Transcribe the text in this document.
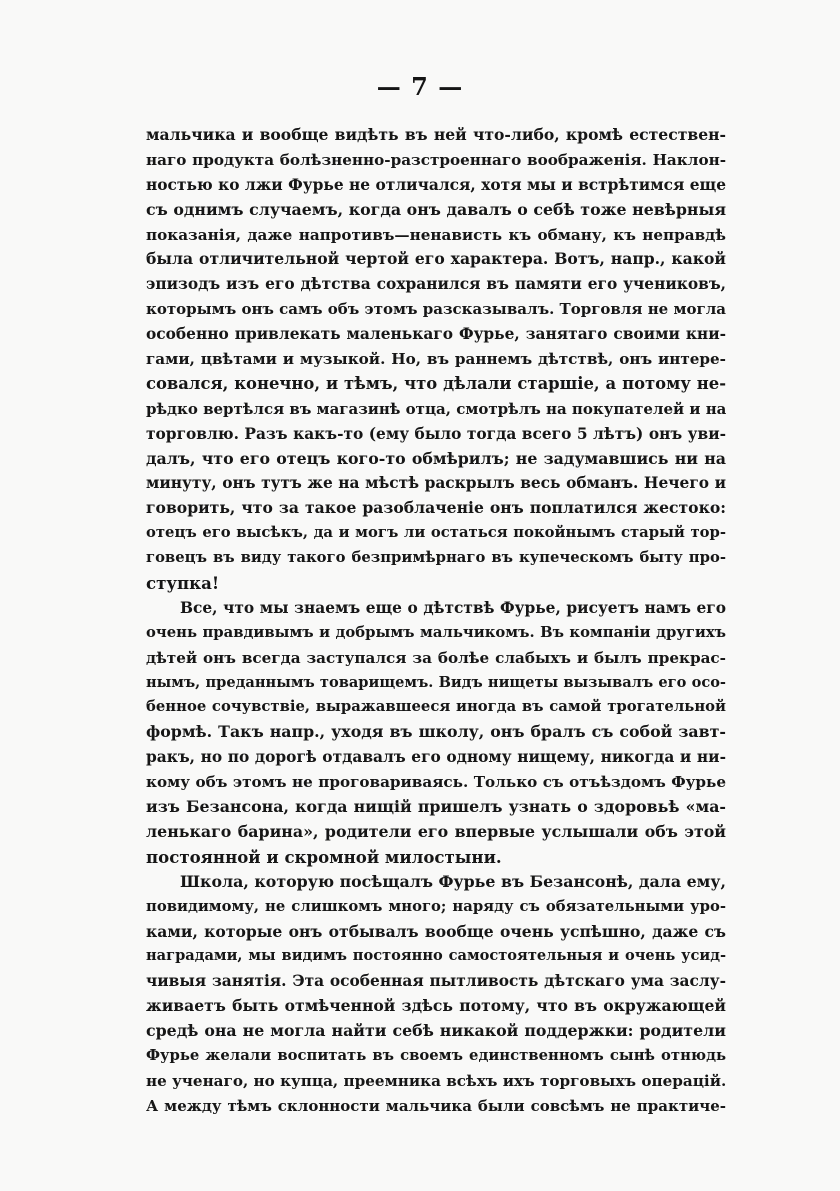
— 7 —
мальчика и вообще видѣть въ ней что-либо, кромѣ естествен-
наго продукта болѣзненно-разстроеннаго воображенія. Наклон-
ностью ко лжи Фурье не отличался, хотя мы и встрѣтимся еще
съ однимъ случаемъ, когда онъ давалъ о себѣ тоже невѣрныя
показанія, даже напротивъ—ненависть къ обману, къ неправдѣ
была отличительной чертой его характера. Вотъ, напр., какой
эпизодъ изъ его дѣтства сохранился въ памяти его учениковъ,
которымъ онъ самъ объ этомъ разсказывалъ. Торговля не могла
особенно привлекать маленькаго Фурье, занятаго своими кни-
гами, цвѣтами и музыкой. Но, въ раннемъ дѣтствѣ, онъ интере-
совался, конечно, и тѣмъ, что дѣлали старшіе, а потому не-
рѣдко вертѣлся въ магазинѣ отца, смотрѣлъ на покупателей и на
торговлю. Разъ какъ-то (ему было тогда всего 5 лѣтъ) онъ уви-
далъ, что его отецъ кого-то обмѣрилъ; не задумавшись ни на
минуту, онъ тутъ же на мѣстѣ раскрылъ весь обманъ. Нечего и
говорить, что за такое разоблаченіе онъ поплатился жестоко:
отецъ его высѣкъ, да и могъ ли остаться покойнымъ старый тор-
говецъ въ виду такого безпримѣрнаго въ купеческомъ быту про-
ступка!
Все, что мы знаемъ еще о дѣтствѣ Фурье, рисуетъ намъ его
очень правдивымъ и добрымъ мальчикомъ. Въ компаніи другихъ
дѣтей онъ всегда заступался за болѣе слабыхъ и былъ прекрас-
нымъ, преданнымъ товарищемъ. Видъ нищеты вызывалъ его осо-
бенное сочувствіе, выражавшееся иногда въ самой трогательной
формѣ. Такъ напр., уходя въ школу, онъ бралъ съ собой завт-
ракъ, но по дорогѣ отдавалъ его одному нищему, никогда и ни-
кому объ этомъ не проговариваясь. Только съ отъѣздомъ Фурье
изъ Безансона, когда нищій пришелъ узнать о здоровьѣ «ма-
ленькаго барина», родители его впервые услышали объ этой
постоянной и скромной милостыни.
Школа, которую посѣщалъ Фурье въ Безансонѣ, дала ему,
повидимому, не слишкомъ много; наряду съ обязательными уро-
ками, которые онъ отбывалъ вообще очень успѣшно, даже съ
наградами, мы видимъ постоянно самостоятельныя и очень усид-
чивыя занятія. Эта особенная пытливость дѣтскаго ума заслу-
живаетъ быть отмѣченной здѣсь потому, что въ окружающей
средѣ она не могла найти себѣ никакой поддержки: родители
Фурье желали воспитать въ своемъ единственномъ сынѣ отнюдь
не ученаго, но купца, преемника всѣхъ ихъ торговыхъ операцій.
А между тѣмъ склонности мальчика были совсѣмъ не практиче-
